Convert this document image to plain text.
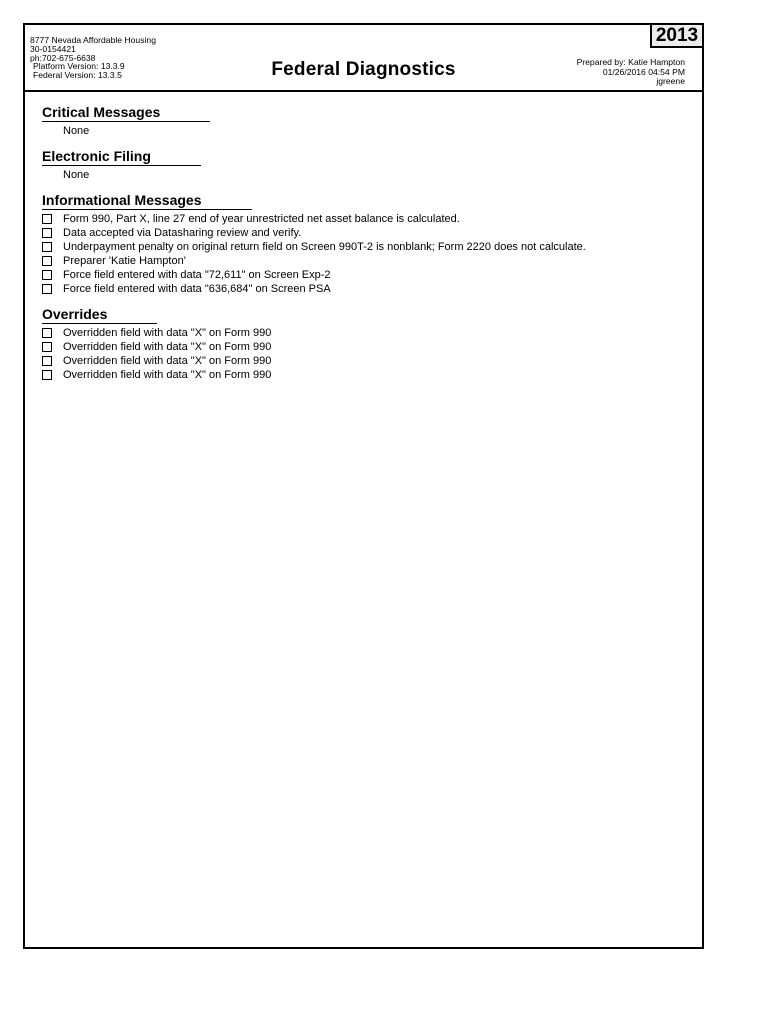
8777 Nevada Affordable Housing
30-0154421
ph:702-675-6638
Platform Version: 13.3.9
Federal Version: 13.3.5	Federal Diagnostics
2013
Prepared by: Katie Hampton
01/26/2016 04:54 PM
jgreene
Critical Messages
None
Electronic Filing
None
Informational Messages
Form 990, Part X, line 27 end of year unrestricted net asset balance is calculated.
Data accepted via Datasharing review and verify.
Underpayment penalty on original return field on Screen 990T-2 is nonblank; Form 2220 does not calculate.
Preparer 'Katie Hampton'
Force field entered with data "72,611" on Screen Exp-2
Force field entered with data "636,684" on Screen PSA
Overrides
Overridden field with data "X" on Form 990
Overridden field with data "X" on Form 990
Overridden field with data "X" on Form 990
Overridden field with data "X" on Form 990
